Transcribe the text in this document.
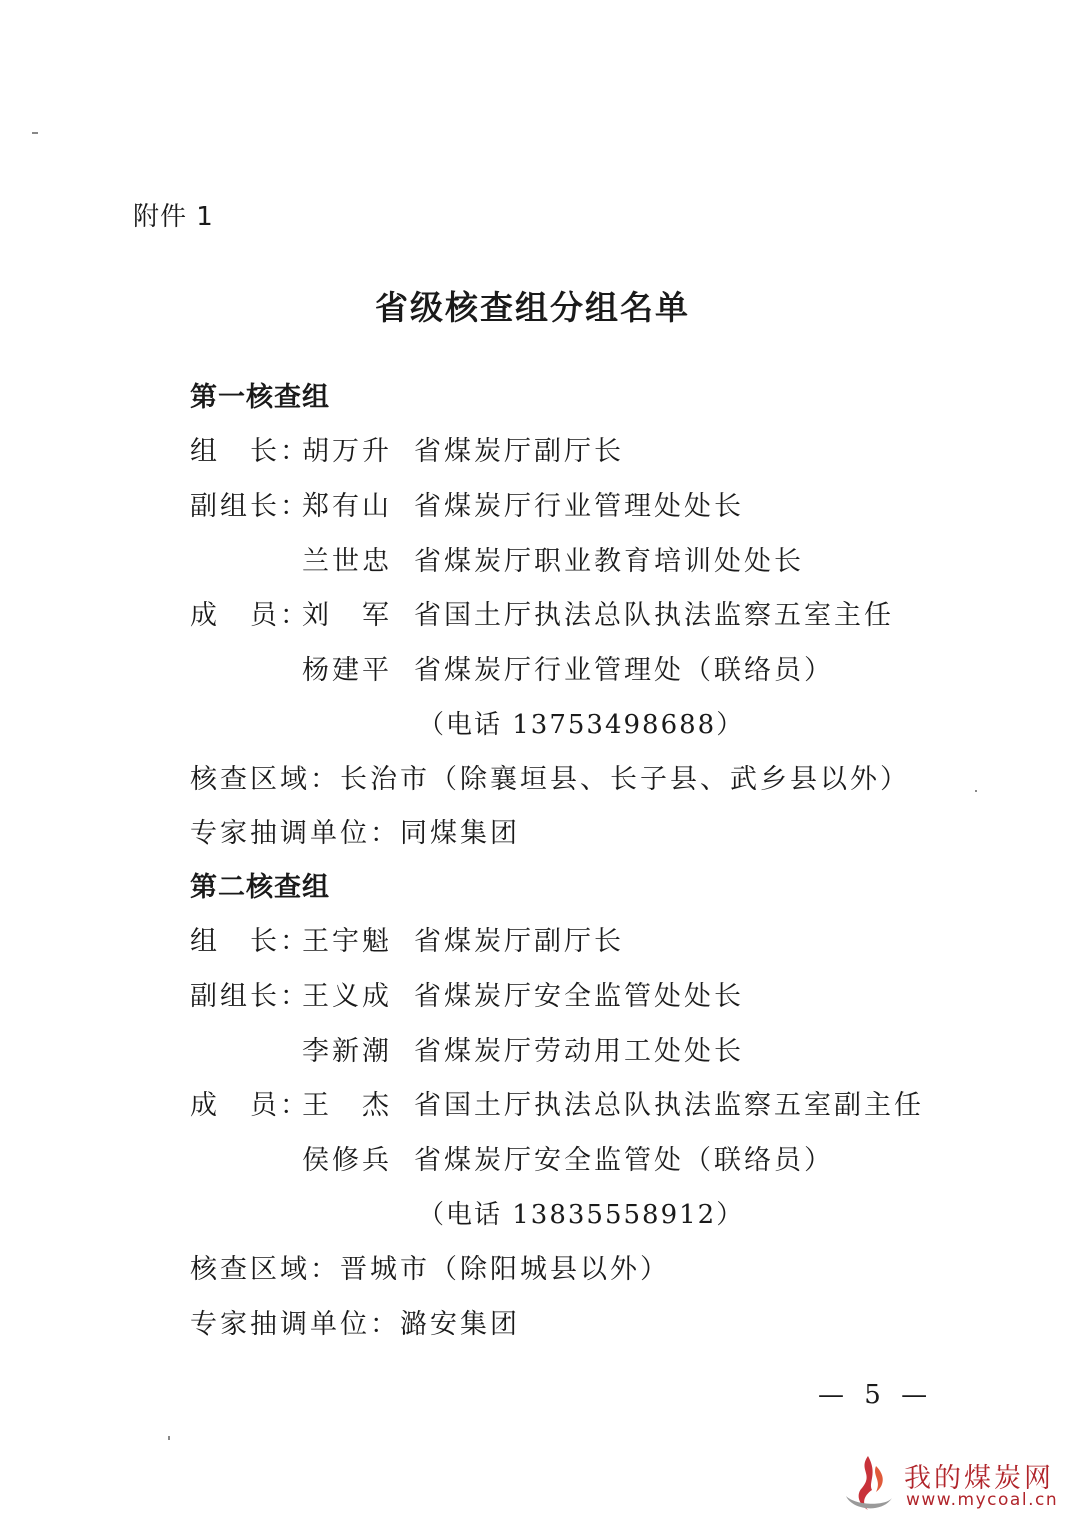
附件 1
省级核查组分组名单
第一核查组
组　长：胡万升 省煤炭厅副厅长
副组长：郑有山 省煤炭厅行业管理处处长
兰世忠 省煤炭厅职业教育培训处处长
成　员：刘　军 省国土厅执法总队执法监察五室主任
杨建平 省煤炭厅行业管理处（联络员）
（电话 13753498688）
核查区域：长治市（除襄垣县、长子县、武乡县以外）
专家抽调单位：同煤集团
第二核查组
组　长：王宇魁 省煤炭厅副厅长
副组长：王义成 省煤炭厅安全监管处处长
李新潮 省煤炭厅劳动用工处处长
成　员：王　杰 省国土厅执法总队执法监察五室副主任
侯修兵 省煤炭厅安全监管处（联络员）
（电话 13835558912）
核查区域：晋城市（除阳城县以外）
专家抽调单位：潞安集团
— 5 —
我的煤炭网
www.mycoal.cn
